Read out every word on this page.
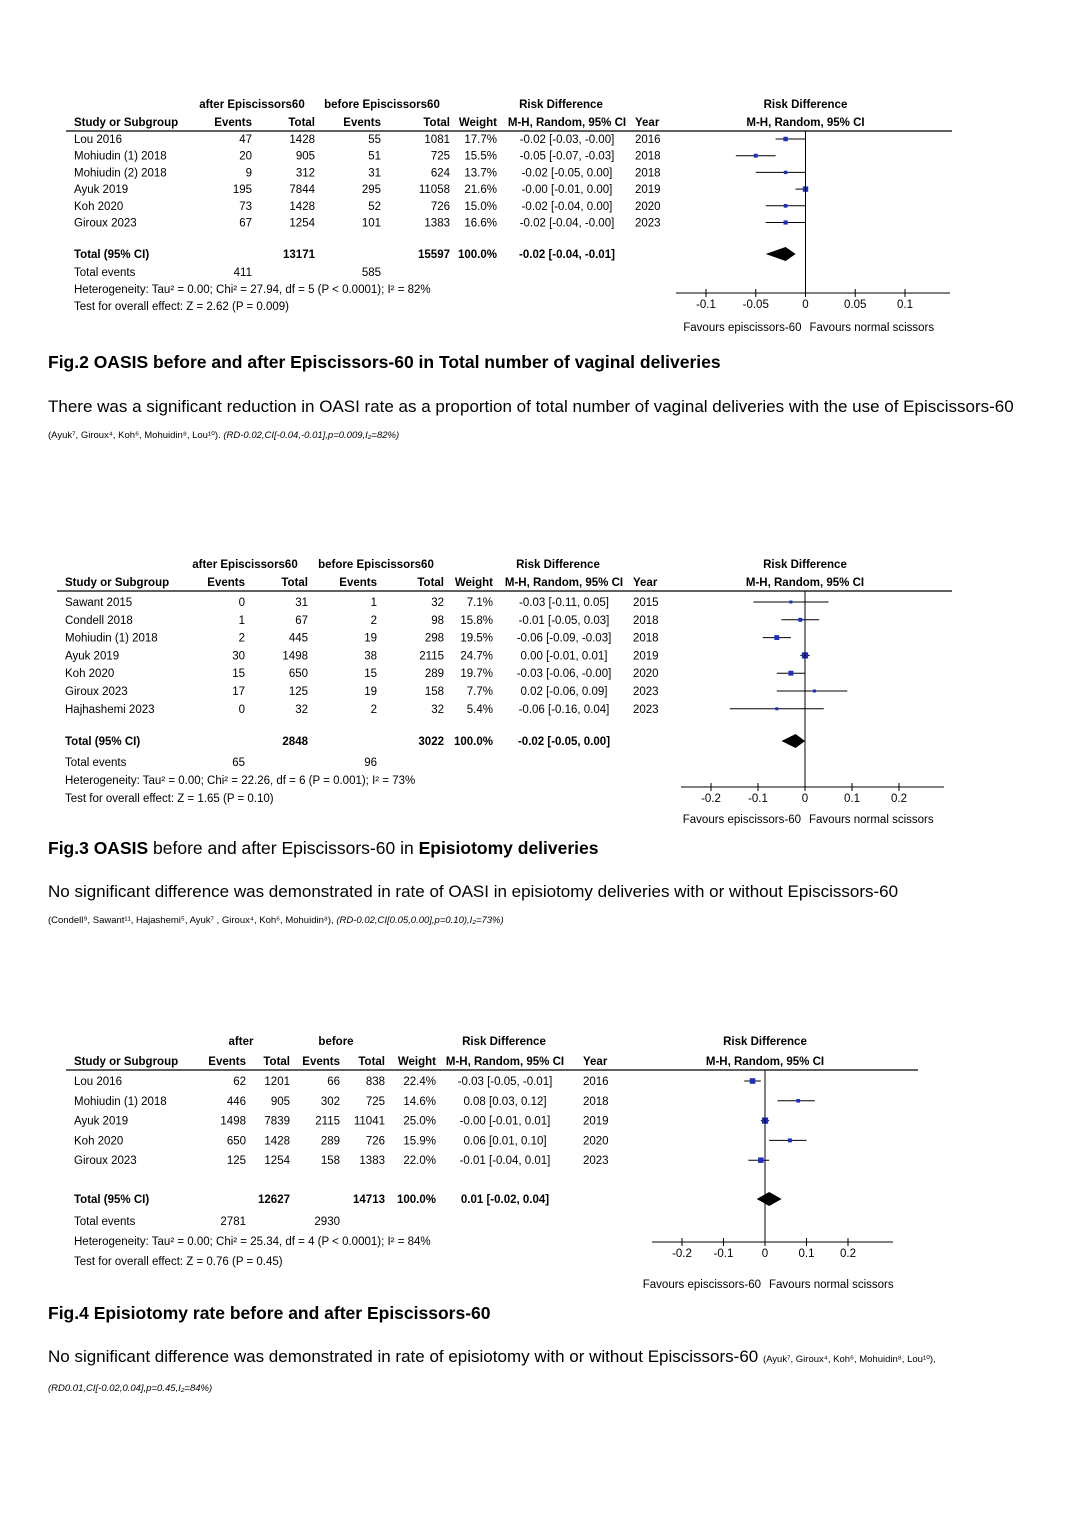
after Episcissors60 before Episcissors60	Risk Difference	Risk Difference
Study or Subgroup	Events	Total Events	Total Weight M-H, Random, 95% CI Year	M-H, Random, 95% CI
Lou 2016	47	1428	55	1081 17.7% -0.02 [-0.03, -0.00] 2016
Mohiudin (1) 2018	20	905	51	725 15.5% -0.05 [-0.07, -0.03] 2018
Mohiudin (2) 2018	9	312	31	624 13.7% -0.02 [-0.05, 0.00] 2018
Ayuk 2019	195	7844	295	11058 21.6% -0.00 [-0.01, 0.00] 2019
Koh 2020	73	1428	52	726 15.0% -0.02 [-0.04, 0.00] 2020
Giroux 2023	67	1254	101	1383 16.6% -0.02 [-0.04, -0.00] 2023
Total (95% CI)	13171	15597 100.0% -0.02 [-0.04, -0.01]
Total events	411	585
Heterogeneity: Tau² = 0.00; Chi² = 27.94, df = 5 (P < 0.0001); I² = 82%
Test for overall effect: Z = 2.62 (P = 0.009)	-0.1 -0.05	0	0.05	0.1
Favours episcissors-60 Favours normal scissors
Fig.2 OASIS before and after Episcissors-60 in Total number of vaginal deliveries
There was a significant reduction in OASI rate as a proportion of total number of vaginal deliveries with the use of Episcissors-60 (Ayuk⁷, Giroux⁴, Koh⁶, Mohuidin⁸, Lou¹⁰). (RD-0.02,CI[-0.04,-0.01],p=0.009,I₂=82%)
after Episcissors60 before Episcissors60	Risk Difference	Risk Difference
Study or Subgroup	Events	Total	Events	Total Weight M-H, Random, 95% CI Year	M-H, Random, 95% CI
Sawant 2015	0	31	1	32 7.1% -0.03 [-0.11, 0.05] 2015
Condell 2018	1	67	2	98 15.8% -0.01 [-0.05, 0.03] 2018
Mohiudin (1) 2018	2	445	19	298 19.5% -0.06 [-0.09, -0.03] 2018
Ayuk 2019	30	1498	38	2115 24.7% 0.00 [-0.01, 0.01] 2019
Koh 2020	15	650	15	289 19.7% -0.03 [-0.06, -0.00] 2020
Giroux 2023	17	125	19	158 7.7% 0.02 [-0.06, 0.09] 2023
Hajhashemi 2023	0	32	2	32 5.4% -0.06 [-0.16, 0.04] 2023
Total (95% CI)	2848	3022 100.0% -0.02 [-0.05, 0.00]
Total events	65	96
Heterogeneity: Tau² = 0.00; Chi² = 22.26, df = 6 (P = 0.001); I² = 73%
Test for overall effect: Z = 1.65 (P = 0.10)	-0.2 -0.1	0	0.1	0.2
Favours episcissors-60 Favours normal scissors
Fig.3 OASIS before and after Episcissors-60 in Episiotomy deliveries
No significant difference was demonstrated in rate of OASI in episiotomy deliveries with or without Episcissors-60
(Condell⁹, Sawant¹¹, Hajashemi⁵, Ayuk⁷ , Giroux⁴, Koh⁶, Mohuidin⁸), (RD-0.02,CI[0.05,0.00],p=0.10),I₂=73%)
after	before	Risk Difference	Risk Difference
Study or Subgroup	Events Total Events Total Weight M-H, Random, 95% CI Year	M-H, Random, 95% CI
Lou 2016	62 1201	66 838 22.4% -0.03 [-0.05, -0.01]	2016
Mohiudin (1) 2018	446 905	302 725 14.6% 0.08 [0.03, 0.12]	2018
Ayuk 2019	1498 7839 2115 11041 25.0% -0.00 [-0.01, 0.01]	2019
Koh 2020	650 1428	289 726 15.9% 0.06 [0.01, 0.10]	2020
Giroux 2023	125 1254	158 1383 22.0% -0.01 [-0.04, 0.01]	2023
Total (95% CI)	12627	14713 100.0% 0.01 [-0.02, 0.04]
Total events	2781	2930
Heterogeneity: Tau² = 0.00; Chi² = 25.34, df = 4 (P < 0.0001); I² = 84%
Test for overall effect: Z = 0.76 (P = 0.45)
-0.2 -0.1 0	0.1 0.2
Favours episcissors-60 Favours normal scissors
Fig.4 Episiotomy rate before and after Episcissors-60
No significant difference was demonstrated in rate of episiotomy with or without Episcissors-60 (Ayuk⁷, Giroux⁴, Koh⁶, Mohuidin⁸, Lou¹⁰), (RD0.01,CI[-0.02,0.04],p=0.45,I₂=84%)
